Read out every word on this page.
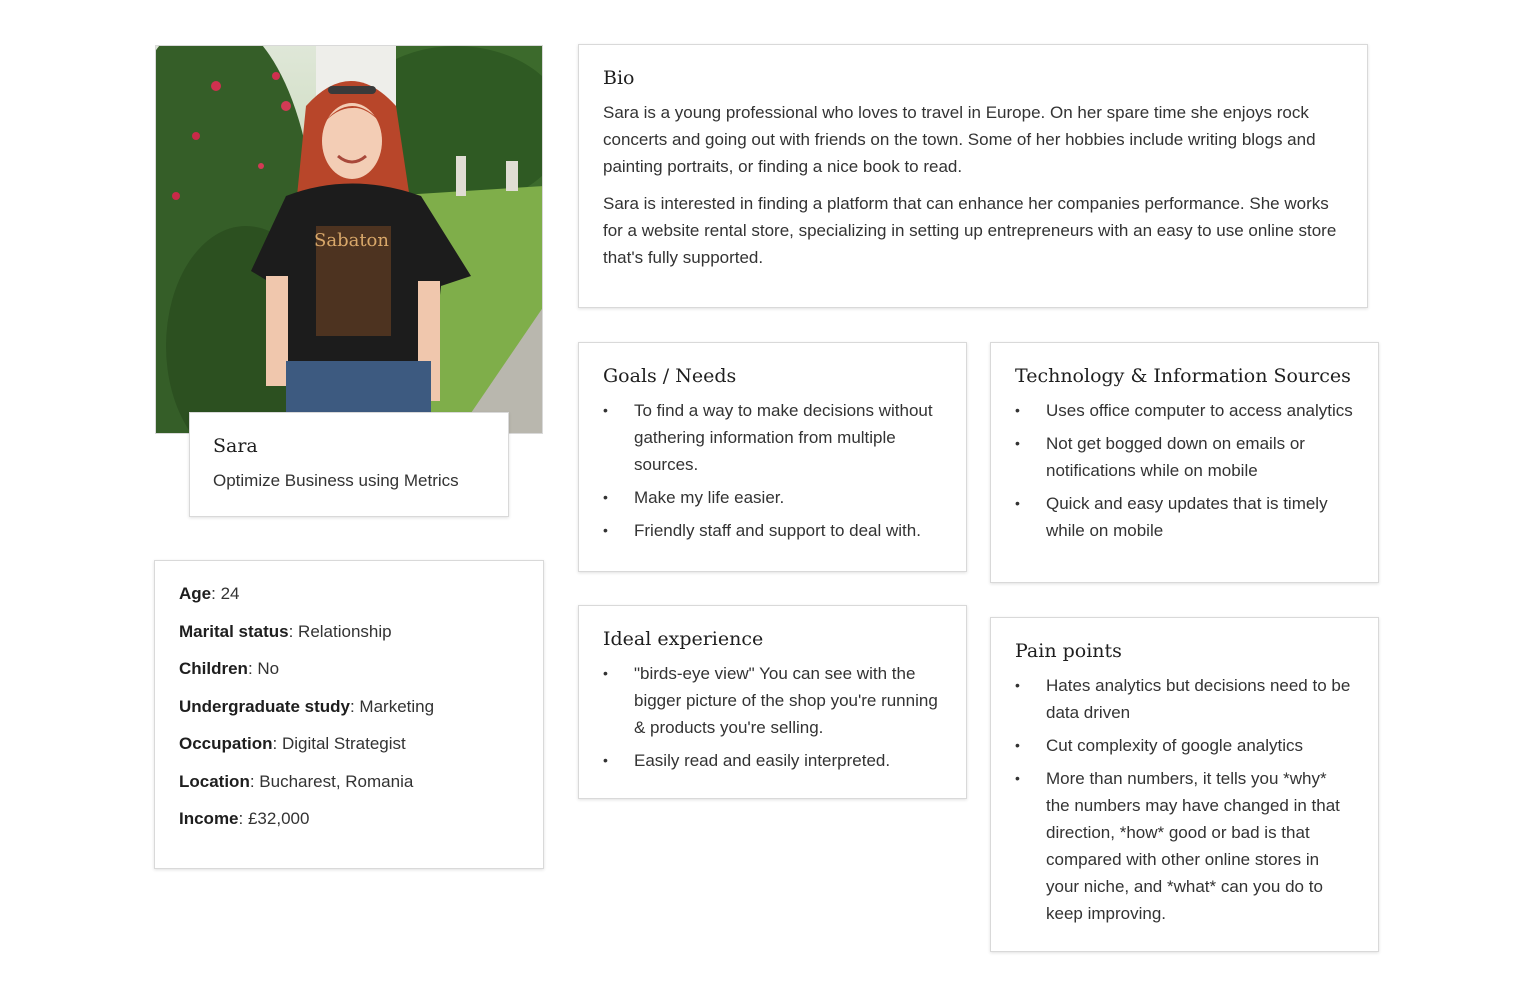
Sabaton
Sara
Optimize Business using Metrics
Age: 24
Marital status: Relationship
Children: No
Undergraduate study: Marketing
Occupation: Digital Strategist
Location: Bucharest, Romania
Income: £32,000
Bio

Sara is a young professional who loves to travel in Europe. On her spare time she enjoys rock concerts and going out with friends on the town. Some of her hobbies include writing blogs and painting portraits, or finding a nice book to read.

Sara is interested in finding a platform that can enhance her companies performance. She works for a website rental store, specializing in setting up entrepreneurs with an easy to use online store that's fully supported.

Goals / Needs
• To find a way to make decisions without gathering information from multiple sources.
• Make my life easier.
• Friendly staff and support to deal with.
Technology & Information Sources
• Uses office computer to access analytics
• Not get bogged down on emails or notifications while on mobile
• Quick and easy updates that is timely while on mobile
Ideal experience
• "birds-eye view" You can see with the bigger picture of the shop you're running & products you're selling.
• Easily read and easily interpreted.
Pain points
• Hates analytics but decisions need to be data driven
• Cut complexity of google analytics
• More than numbers, it tells you *why* the numbers may have changed in that direction, *how* good or bad is that compared with other online stores in your niche, and *what* can you do to keep improving.
